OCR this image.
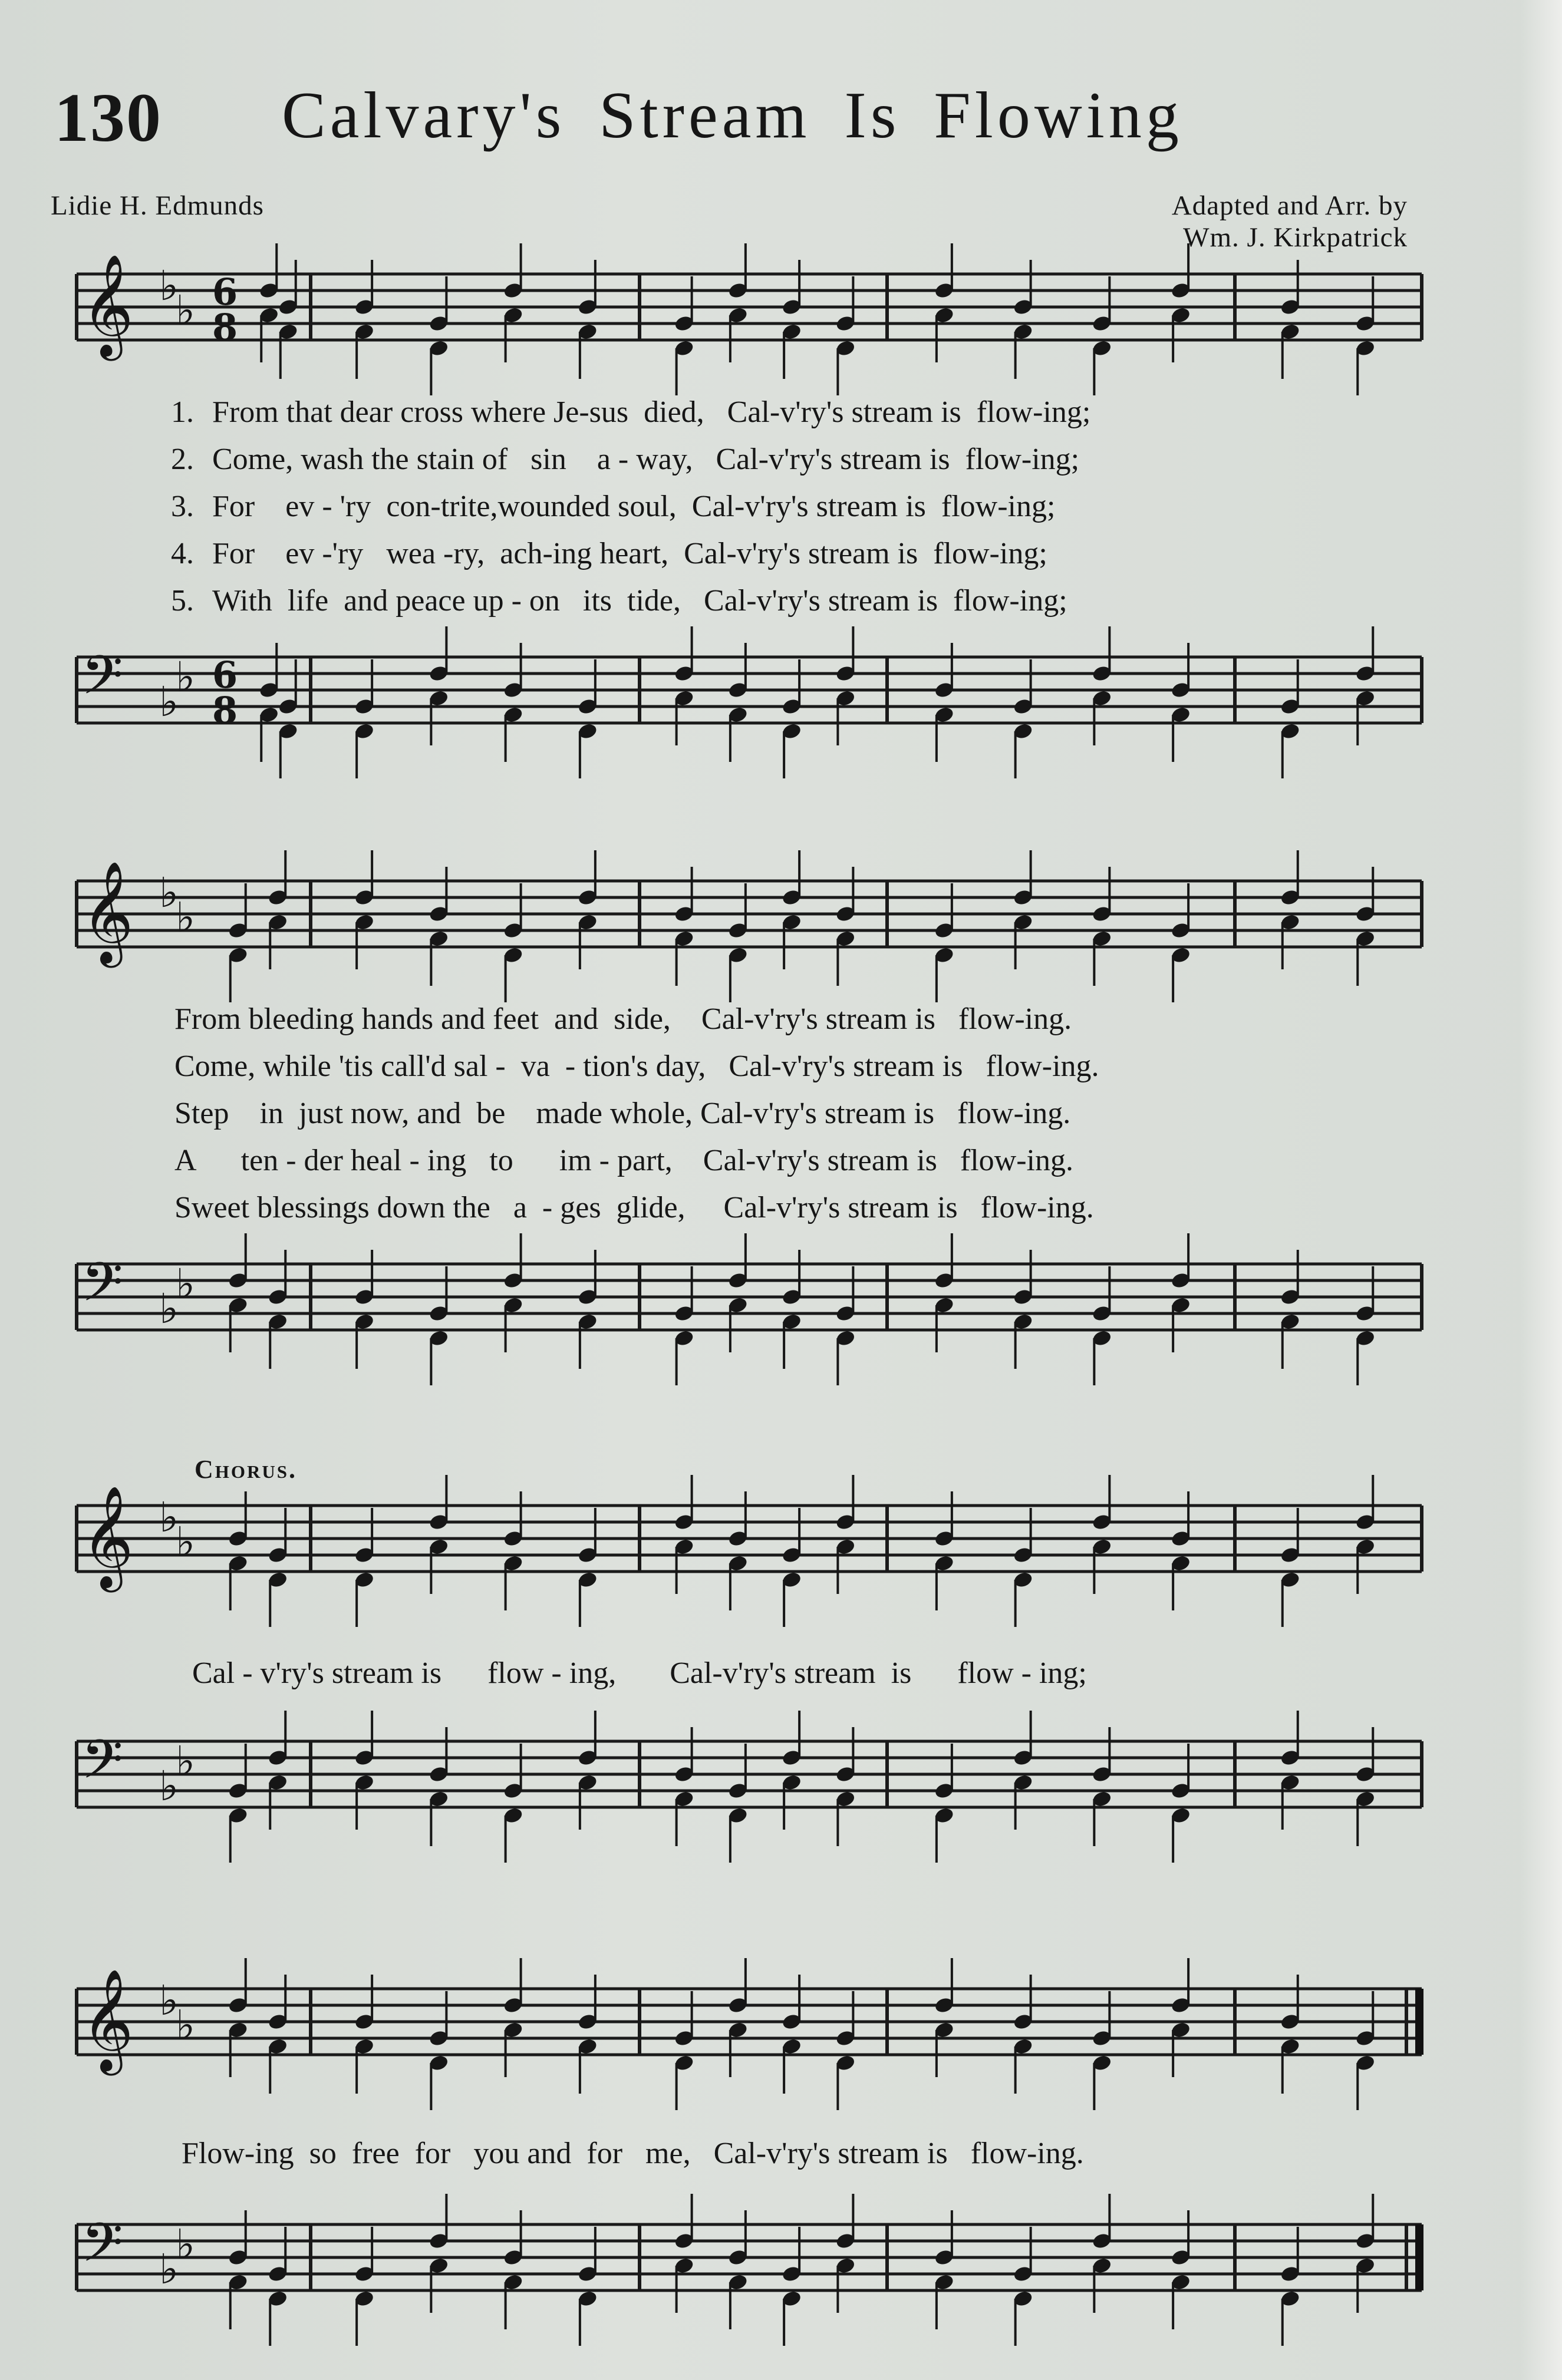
130 Calvary's Stream Is Flowing
Lidie H. Edmunds	Adapted and Arr. by
Wm. J. Kirkpatrick
𝄞 ♭
♭ 6
8
1. From that dear cross where Je-sus  died,   Cal-v'ry's stream is  flow-ing;
2. Come, wash the stain of   sin    a - way,   Cal-v'ry's stream is  flow-ing;
3. For    ev - 'ry  con-trite,wounded soul,  Cal-v'ry's stream is  flow-ing;
4. For    ev -'ry   wea -ry,  ach-ing heart,  Cal-v'ry's stream is  flow-ing;
5. With  life  and peace up - on   its  tide,   Cal-v'ry's stream is  flow-ing;
𝄢 ♭
♭ 6
8
𝄞 ♭
♭
From bleeding hands and feet  and  side,    Cal-v'ry's stream is   flow-ing.
Come, while 'tis call'd sal -  va  - tion's day,   Cal-v'ry's stream is   flow-ing.
Step    in  just now, and  be    made whole, Cal-v'ry's stream is   flow-ing.
A      ten - der heal - ing   to      im - part,    Cal-v'ry's stream is   flow-ing.
Sweet blessings down the   a  - ges  glide,     Cal-v'ry's stream is   flow-ing.
𝄢 ♭
♭
Chorus.
𝄞 ♭
♭
Cal - v'ry's stream is      flow - ing,       Cal-v'ry's stream  is      flow - ing;
𝄢 ♭
♭
𝄞 ♭
♭
Flow-ing  so  free  for   you and  for   me,   Cal-v'ry's stream is   flow-ing.
𝄢 ♭
♭
